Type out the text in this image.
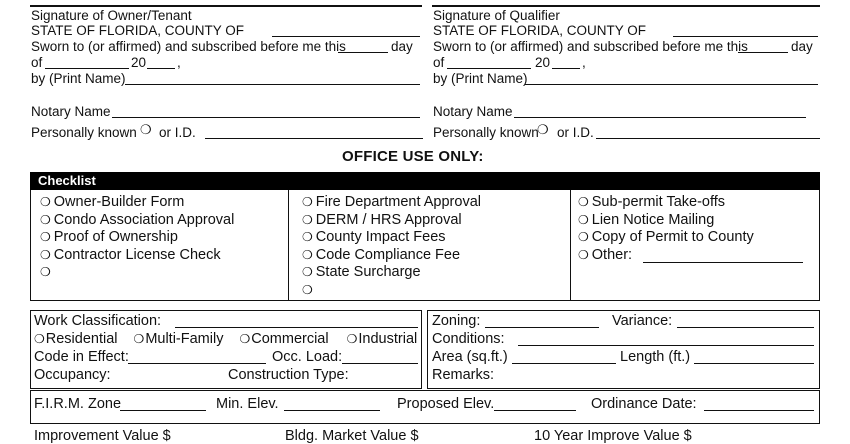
Signature of Owner/Tenant
STATE OF FLORIDA, COUNTY OF
Sworn to (or affirmed) and subscribed before me this	day
of	20 ,
by (Print Name)
Notary Name
Personally known ❍ or I.D.
Signature of Qualifier
STATE OF FLORIDA, COUNTY OF
Sworn to (or affirmed) and subscribed before me this	day
of	20 ,
by (Print Name)
Notary Name
Personally known
❍ or I.D.
OFFICE USE ONLY:
Checklist
❍ Owner-Builder Form
❍ Condo Association Approval
❍ Proof of Ownership
❍ Contractor License Check
❍
❍ Fire Department Approval
❍ DERM / HRS Approval
❍ County Impact Fees
❍ Code Compliance Fee
❍ State Surcharge
❍
❍ Sub-permit Take-offs
❍ Lien Notice Mailing
❍ Copy of Permit to County
❍ Other:
Work Classification:
❍Residential ❍Multi-Family ❍Commercial ❍Industrial
Code in Effect:	Occ. Load:
Occupancy:	Construction Type:
Zoning:	Variance:
Conditions:
Area (sq.ft.)	Length (ft.)
Remarks:
F.I.R.M. Zone	Min. Elev.	Proposed Elev.	Ordinance Date:
Improvement Value $	Bldg. Market Value $	10 Year Improve Value $
